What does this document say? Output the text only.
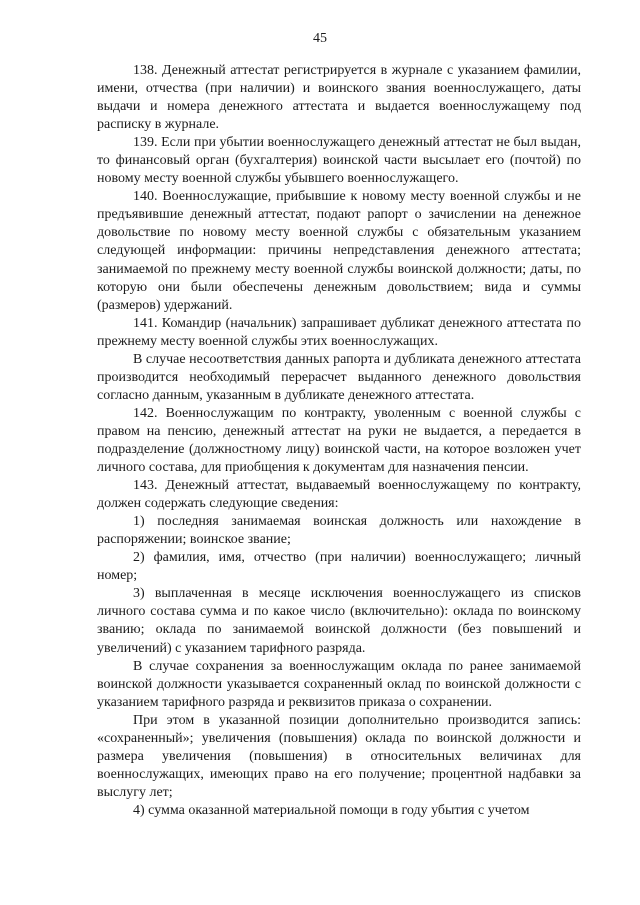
45

138. Денежный аттестат регистрируется в журнале с указанием фамилии, имени, отчества (при наличии) и воинского звания военнослужащего, даты выдачи и номера денежного аттестата и выдается военнослужащему под расписку в журнале.

139. Если при убытии военнослужащего денежный аттестат не был выдан, то финансовый орган (бухгалтерия) воинской части высылает его (почтой) по новому месту военной службы убывшего военнослужащего.

140. Военнослужащие, прибывшие к новому месту военной службы и не предъявившие денежный аттестат, подают рапорт о зачислении на денежное довольствие по новому месту военной службы с обязательным указанием следующей информации: причины непредставления денежного аттестата; занимаемой по прежнему месту военной службы воинской должности; даты, по которую они были обеспечены денежным довольствием; вида и суммы (размеров) удержаний.

141. Командир (начальник) запрашивает дубликат денежного аттестата по прежнему месту военной службы этих военнослужащих.

В случае несоответствия данных рапорта и дубликата денежного аттестата производится необходимый перерасчет выданного денежного довольствия согласно данным, указанным в дубликате денежного аттестата.

142. Военнослужащим по контракту, уволенным с военной службы с правом на пенсию, денежный аттестат на руки не выдается, а передается в подразделение (должностному лицу) воинской части, на которое возложен учет личного состава, для приобщения к документам для назначения пенсии.

143. Денежный аттестат, выдаваемый военнослужащему по контракту, должен содержать следующие сведения:

1) последняя занимаемая воинская должность или нахождение в распоряжении; воинское звание;

2) фамилия, имя, отчество (при наличии) военнослужащего; личный номер;

3) выплаченная в месяце исключения военнослужащего из списков личного состава сумма и по какое число (включительно): оклада по воинскому званию; оклада по занимаемой воинской должности (без повышений и увеличений) с указанием тарифного разряда.

В случае сохранения за военнослужащим оклада по ранее занимаемой воинской должности указывается сохраненный оклад по воинской должности с указанием тарифного разряда и реквизитов приказа о сохранении.

При этом в указанной позиции дополнительно производится запись: «сохраненный»; увеличения (повышения) оклада по воинской должности и размера увеличения (повышения) в относительных величинах для военнослужащих, имеющих право на его получение; процентной надбавки за выслугу лет;

4) сумма оказанной материальной помощи в году убытия с учетом
